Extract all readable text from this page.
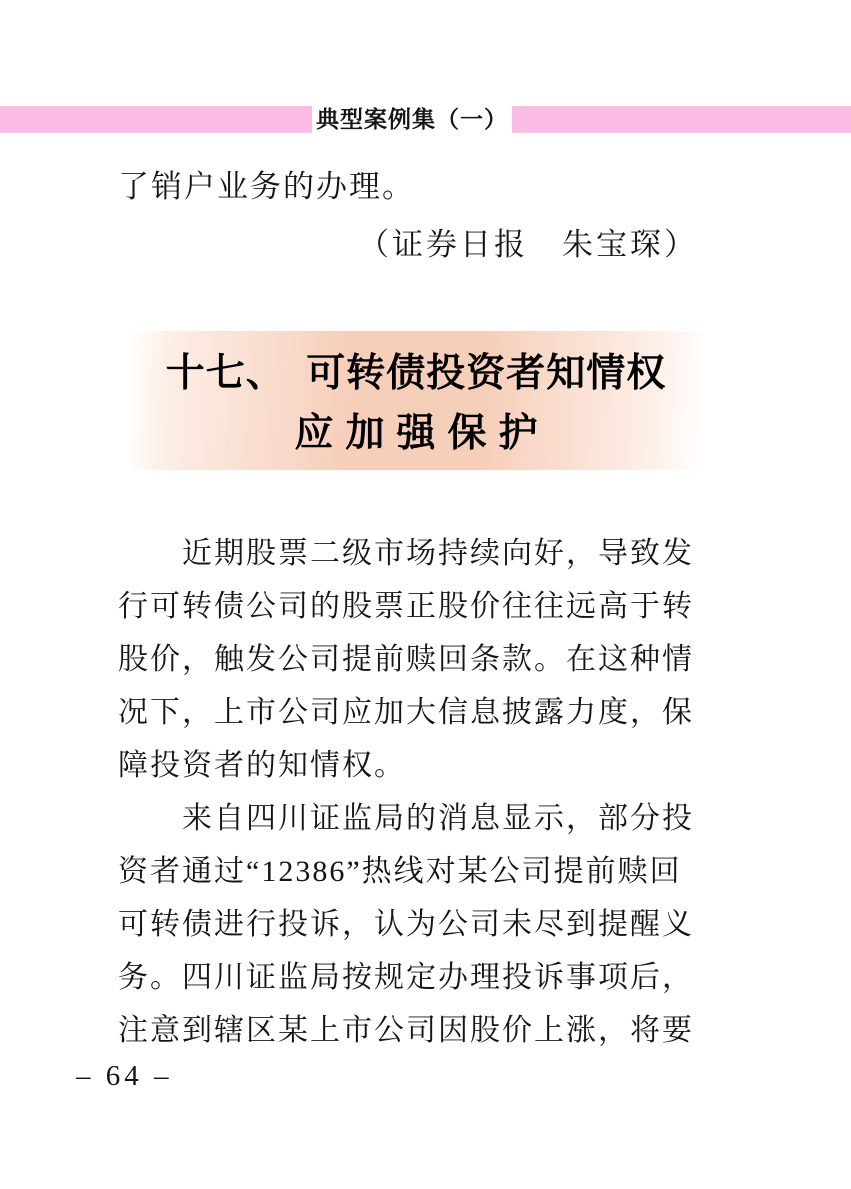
典型案例集（一）
了销户业务的办理。
（证券日报　朱宝琛）
十七、　可转债投资者知情权
应加强保护
近期股票二级市场持续向好，导致发
行可转债公司的股票正股价往往远高于转
股价，触发公司提前赎回条款。在这种情
况下，上市公司应加大信息披露力度，保
障投资者的知情权。
来自四川证监局的消息显示，部分投
资者通过“12386”热线对某公司提前赎回
可转债进行投诉，认为公司未尽到提醒义
务。四川证监局按规定办理投诉事项后，
注意到辖区某上市公司因股价上涨，将要
– 64 –
